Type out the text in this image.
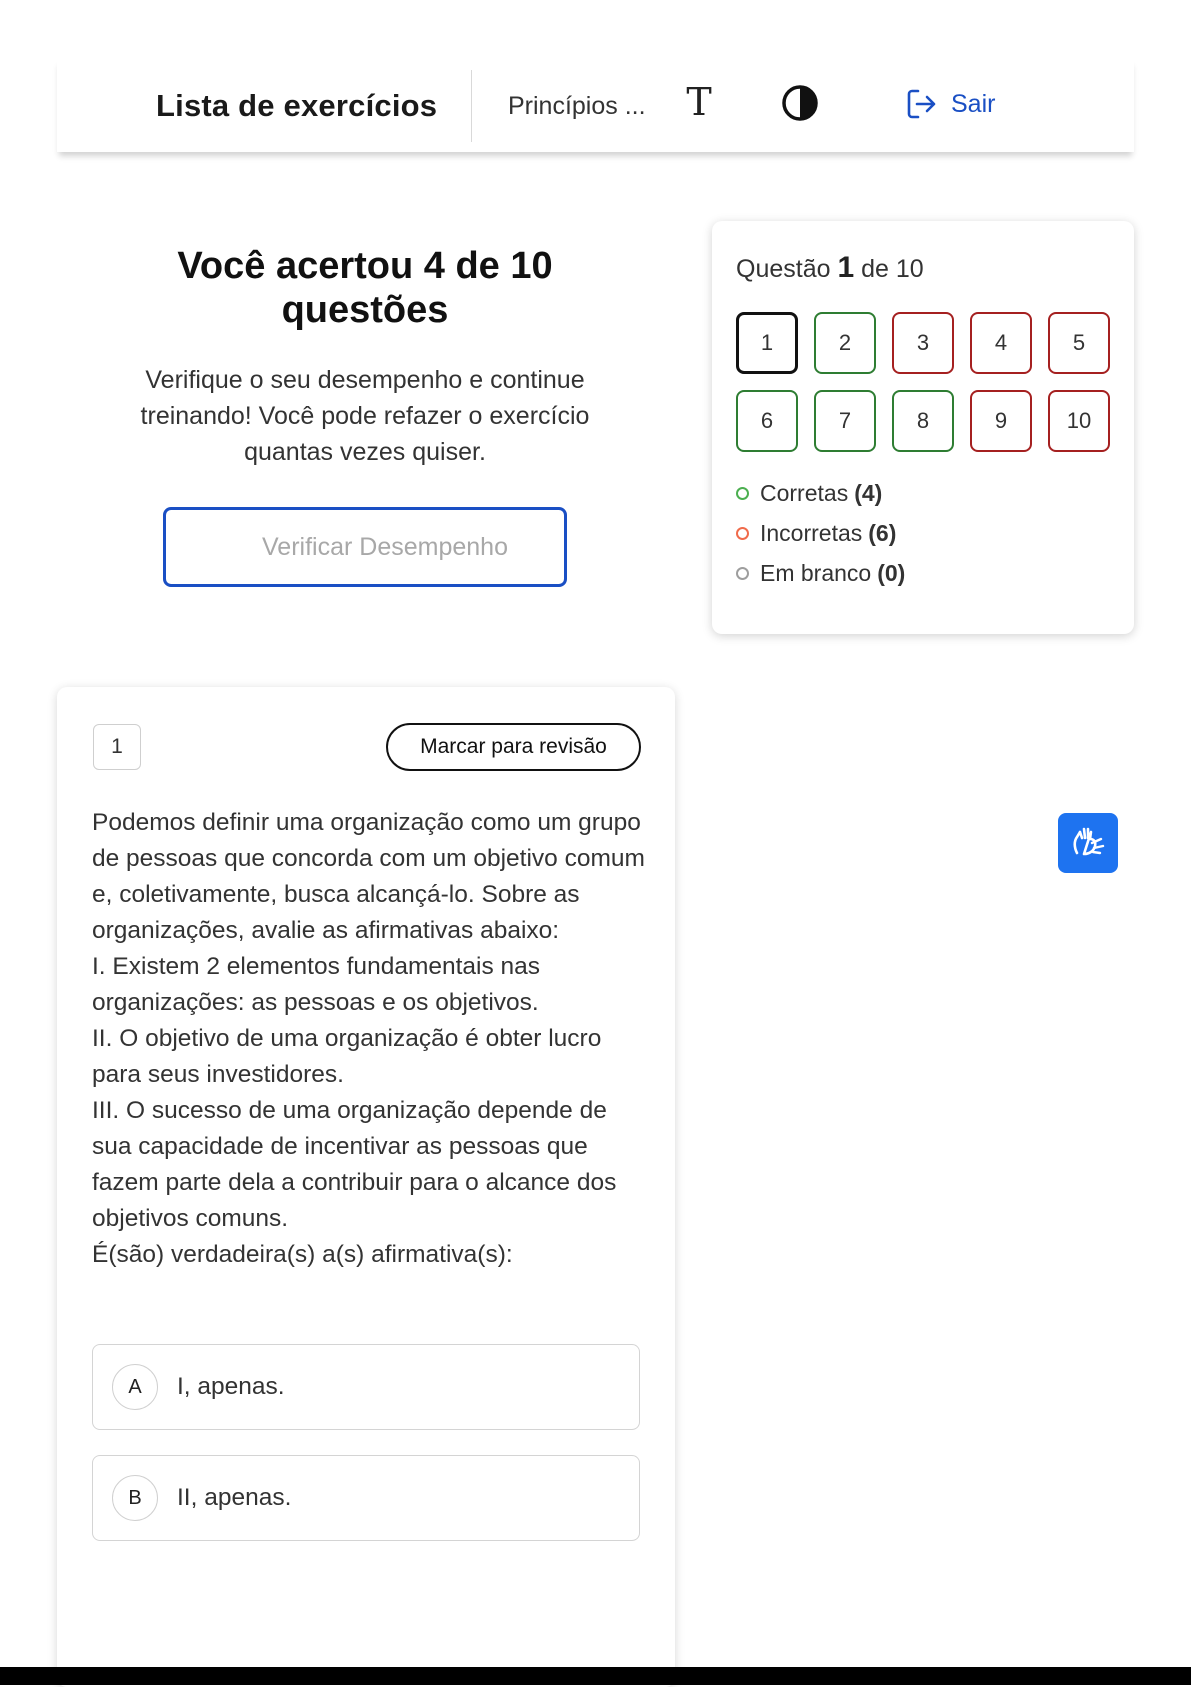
Lista de exercícios	Princípios ... T	Sair
Você acertou 4 de 10 questões
Verifique o seu desempenho e continue treinando! Você pode refazer o exercício quantas vezes quiser.
Verificar Desempenho
Questão 1 de 10
1	2	3	4	5
6	7	8	9	10
Corretas (4)
Incorretas (6)
Em branco (0)
1	Marcar para revisão

Podemos definir uma organização como um grupo de pessoas que concorda com um objetivo comum e, coletivamente, busca alcançá-lo. Sobre as organizações, avalie as afirmativas abaixo:

I. Existem 2 elementos fundamentais nas organizações: as pessoas e os objetivos.

II. O objetivo de uma organização é obter lucro para seus investidores.

III. O sucesso de uma organização depende de sua capacidade de incentivar as pessoas que fazem parte dela a contribuir para o alcance dos objetivos comuns.

É(são) verdadeira(s) a(s) afirmativa(s):

A	I, apenas.
B	II, apenas.
